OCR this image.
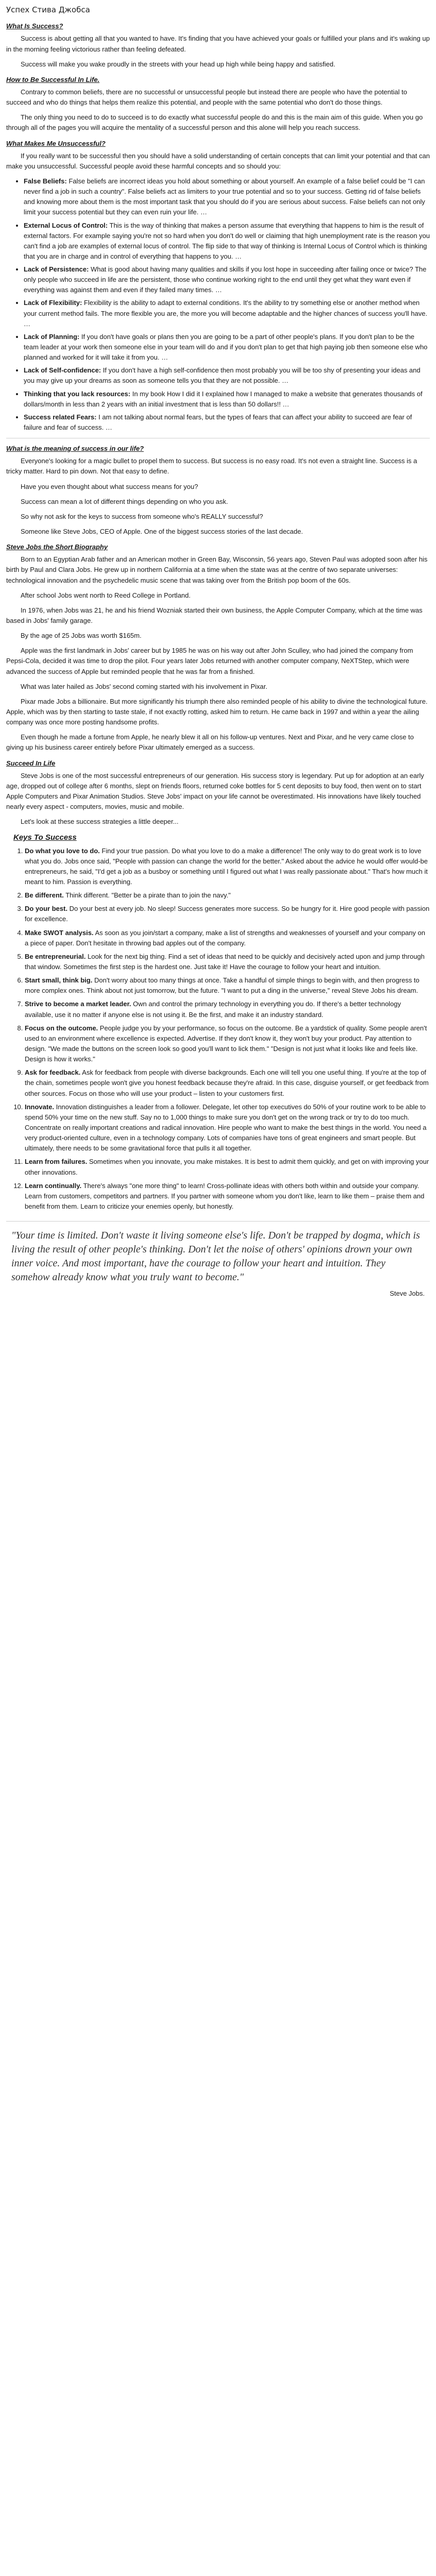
Успех Стива Джобса
What Is Success?

Success is about getting all that you wanted to have. It's finding that you have achieved your goals or fulfilled your plans and it's waking up in the morning feeling victorious rather than feeling defeated.

Success will make you wake proudly in the streets with your head up high while being happy and satisfied.

How to Be Successful In Life.

Contrary to common beliefs, there are no successful or unsuccessful people but instead there are people who have the potential to succeed and who do things that helps them realize this potential, and people with the same potential who don't do those things.

The only thing you need to do to succeed is to do exactly what successful people do and this is the main aim of this guide. When you go through all of the pages you will acquire the mentality of a successful person and this alone will help you reach success.

What Makes Me Unsuccessful?

If you really want to be successful then you should have a solid understanding of certain concepts that can limit your potential and that can make you unsuccessful. Successful people avoid these harmful concepts and so should you:

• False Beliefs: False beliefs are incorrect ideas you hold about something or about yourself. An example of a false belief could be "I can never find a job in such a country". False beliefs act as limiters to your true potential and so to your success. Getting rid of false beliefs and knowing more about them is the most important task that you should do if you are serious about success. False beliefs can not only limit your success potential but they can even ruin your life. …
• External Locus of Control: This is the way of thinking that makes a person assume that everything that happens to him is the result of external factors. For example saying you're not so hard when you don't do well or claiming that high unemployment rate is the reason you can't find a job are examples of external locus of control. The flip side to that way of thinking is Internal Locus of Control which is thinking that you are in charge and in control of everything that happens to you. …
• Lack of Persistence: What is good about having many qualities and skills if you lost hope in succeeding after failing once or twice? The only people who succeed in life are the persistent, those who continue working right to the end until they get what they want even if everything was against them and even if they failed many times. …
• Lack of Flexibility: Flexibility is the ability to adapt to external conditions. It's the ability to try something else or another method when your current method fails. The more flexible you are, the more you will become adaptable and the higher chances of success you'll have. …
• Lack of Planning: If you don't have goals or plans then you are going to be a part of other people's plans. If you don't plan to be the team leader at your work then someone else in your team will do and if you don't plan to get that high paying job then someone else who planned and worked for it will take it from you. …
• Lack of Self-confidence: If you don't have a high self-confidence then most probably you will be too shy of presenting your ideas and you may give up your dreams as soon as someone tells you that they are not possible. …
• Thinking that you lack resources: In my book How I did it I explained how I managed to make a website that generates thousands of dollars/month in less than 2 years with an initial investment that is less than 50 dollars!! …
• Success related Fears: I am not talking about normal fears, but the types of fears that can affect your ability to succeed are fear of failure and fear of success. …
What is the meaning of success in our life?

Everyone's looking for a magic bullet to propel them to success. But success is no easy road. It's not even a straight line. Success is a tricky matter. Hard to pin down. Not that easy to define.

Have you even thought about what success means for you?

Success can mean a lot of different things depending on who you ask.

So why not ask for the keys to success from someone who's REALLY successful?

Someone like Steve Jobs, CEO of Apple. One of the biggest success stories of the last decade.

Steve Jobs the Short Biography

Born to an Egyptian Arab father and an American mother in Green Bay, Wisconsin, 56 years ago, Steven Paul was adopted soon after his birth by Paul and Clara Jobs. He grew up in northern California at a time when the state was at the centre of two separate universes: technological innovation and the psychedelic music scene that was taking over from the British pop boom of the 60s.

After school Jobs went north to Reed College in Portland.

In 1976, when Jobs was 21, he and his friend Wozniak started their own business, the Apple Computer Company, which at the time was based in Jobs' family garage.

By the age of 25 Jobs was worth $165m.

Apple was the first landmark in Jobs' career but by 1985 he was on his way out after John Sculley, who had joined the company from Pepsi-Cola, decided it was time to drop the pilot. Four years later Jobs returned with another computer company, NeXTStep, which were advanced the success of Apple but reminded people that he was far from a finished.

What was later hailed as Jobs' second coming started with his involvement in Pixar.

Pixar made Jobs a billionaire. But more significantly his triumph there also reminded people of his ability to divine the technological future. Apple, which was by then starting to taste stale, if not exactly rotting, asked him to return. He came back in 1997 and within a year the ailing company was once more posting handsome profits.

Even though he made a fortune from Apple, he nearly blew it all on his follow-up ventures. Next and Pixar, and he very came close to giving up his business career entirely before Pixar ultimately emerged as a success.

Succeed In Life

Steve Jobs is one of the most successful entrepreneurs of our generation. His success story is legendary. Put up for adoption at an early age, dropped out of college after 6 months, slept on friends floors, returned coke bottles for 5 cent deposits to buy food, then went on to start Apple Computers and Pixar Animation Studios. Steve Jobs' impact on your life cannot be overestimated. His innovations have likely touched nearly every aspect - computers, movies, music and mobile.

Let's look at these success strategies a little deeper...

Keys To Success
1. Do what you love to do. Find your true passion. Do what you love to do a make a difference! The only way to do great work is to love what you do. Jobs once said, "People with passion can change the world for the better." Asked about the advice he would offer would-be entrepreneurs, he said, "I'd get a job as a busboy or something until I figured out what I was really passionate about." That's how much it meant to him. Passion is everything.
2. Be different. Think different. "Better be a pirate than to join the navy."
3. Do your best. Do your best at every job. No sleep! Success generates more success. So be hungry for it. Hire good people with passion for excellence.
4. Make SWOT analysis. As soon as you join/start a company, make a list of strengths and weaknesses of yourself and your company on a piece of paper. Don't hesitate in throwing bad apples out of the company.
5. Be entrepreneurial. Look for the next big thing. Find a set of ideas that need to be quickly and decisively acted upon and jump through that window. Sometimes the first step is the hardest one. Just take it! Have the courage to follow your heart and intuition.
6. Start small, think big. Don't worry about too many things at once. Take a handful of simple things to begin with, and then progress to more complex ones. Think about not just tomorrow, but the future. "I want to put a ding in the universe," reveal Steve Jobs his dream.
7. Strive to become a market leader. Own and control the primary technology in everything you do. If there's a better technology available, use it no matter if anyone else is not using it. Be the first, and make it an industry standard.
8. Focus on the outcome. People judge you by your performance, so focus on the outcome. Be a yardstick of quality. Some people aren't used to an environment where excellence is expected. Advertise. If they don't know it, they won't buy your product. Pay attention to design. "We made the buttons on the screen look so good you'll want to lick them." "Design is not just what it looks like and feels like. Design is how it works."
9. Ask for feedback. Ask for feedback from people with diverse backgrounds. Each one will tell you one useful thing. If you're at the top of the chain, sometimes people won't give you honest feedback because they're afraid. In this case, disguise yourself, or get feedback from other sources. Focus on those who will use your product – listen to your customers first.
10. Innovate. Innovation distinguishes a leader from a follower. Delegate, let other top executives do 50% of your routine work to be able to spend 50% your time on the new stuff. Say no to 1,000 things to make sure you don't get on the wrong track or try to do too much. Concentrate on really important creations and radical innovation. Hire people who want to make the best things in the world. You need a very product-oriented culture, even in a technology company. Lots of companies have tons of great engineers and smart people. But ultimately, there needs to be some gravitational force that pulls it all together.
11. Learn from failures. Sometimes when you innovate, you make mistakes. It is best to admit them quickly, and get on with improving your other innovations.
12. Learn continually. There's always "one more thing" to learn! Cross-pollinate ideas with others both within and outside your company. Learn from customers, competitors and partners. If you partner with someone whom you don't like, learn to like them – praise them and benefit from them. Learn to criticize your enemies openly, but honestly.
"Your time is limited. Don't waste it living someone else's life. Don't be trapped by dogma, which is living the result of other people's thinking. Don't let the noise of others' opinions drown your own inner voice. And most important, have the courage to follow your heart and intuition. They somehow already know what you truly want to become."
Steve Jobs.
